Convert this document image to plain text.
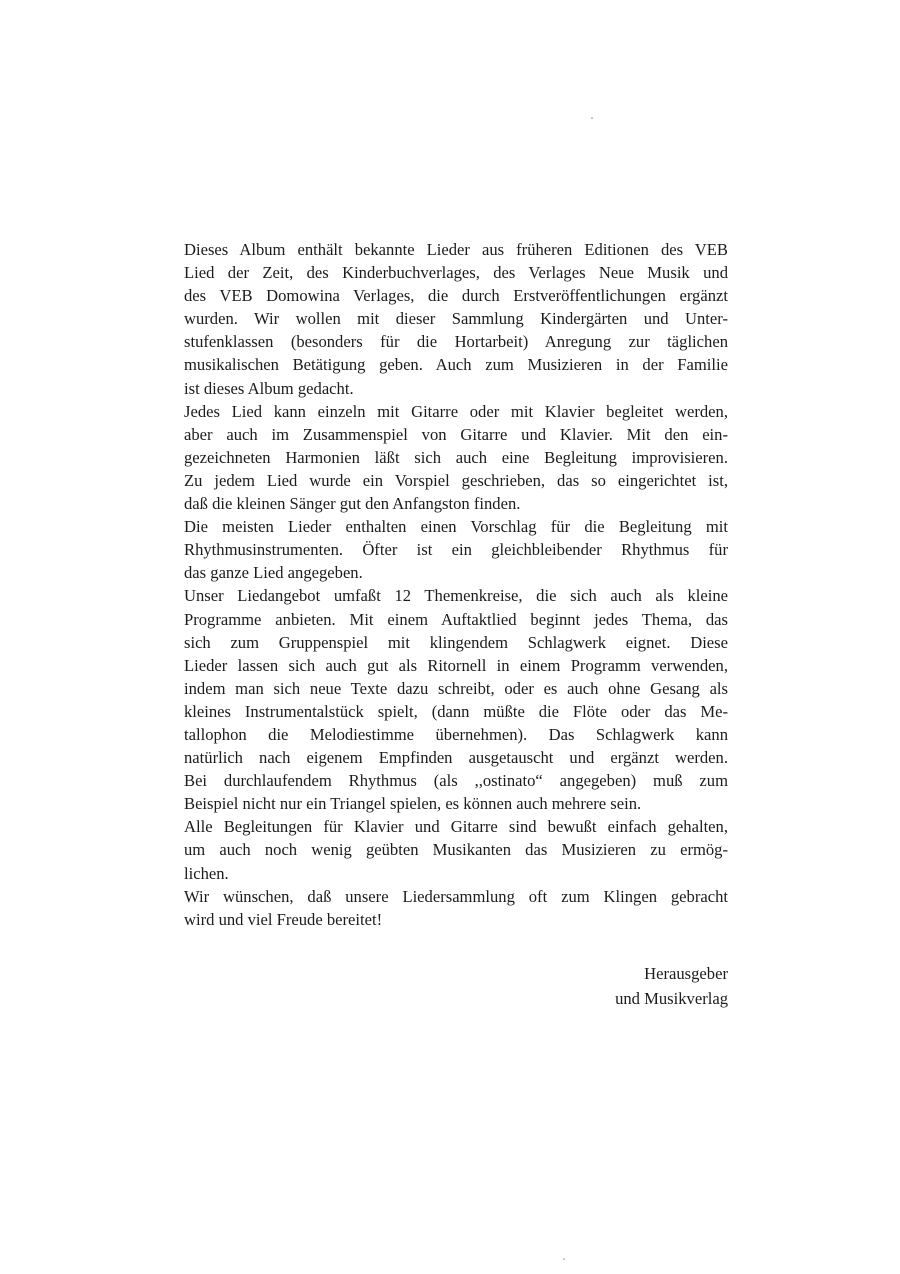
Dieses Album enthält bekannte Lieder aus früheren Editionen des VEB
Lied der Zeit, des Kinderbuchverlages, des Verlages Neue Musik und
des VEB Domowina Verlages, die durch Erstveröffentlichungen ergänzt
wurden. Wir wollen mit dieser Sammlung Kindergärten und Unter-
stufenklassen (besonders für die Hortarbeit) Anregung zur täglichen
musikalischen Betätigung geben. Auch zum Musizieren in der Familie
ist dieses Album gedacht.

Jedes Lied kann einzeln mit Gitarre oder mit Klavier begleitet werden,
aber auch im Zusammenspiel von Gitarre und Klavier. Mit den ein-
gezeichneten Harmonien läßt sich auch eine Begleitung improvisieren.
Zu jedem Lied wurde ein Vorspiel geschrieben, das so eingerichtet ist,
daß die kleinen Sänger gut den Anfangston finden.

Die meisten Lieder enthalten einen Vorschlag für die Begleitung mit
Rhythmusinstrumenten. Öfter ist ein gleichbleibender Rhythmus für
das ganze Lied angegeben.

Unser Liedangebot umfaßt 12 Themenkreise, die sich auch als kleine
Programme anbieten. Mit einem Auftaktlied beginnt jedes Thema, das
sich zum Gruppenspiel mit klingendem Schlagwerk eignet. Diese
Lieder lassen sich auch gut als Ritornell in einem Programm verwenden,
indem man sich neue Texte dazu schreibt, oder es auch ohne Gesang als
kleines Instrumentalstück spielt, (dann müßte die Flöte oder das Me-
tallophon die Melodiestimme übernehmen). Das Schlagwerk kann
natürlich nach eigenem Empfinden ausgetauscht und ergänzt werden.
Bei durchlaufendem Rhythmus (als ,,ostinato“ angegeben) muß zum
Beispiel nicht nur ein Triangel spielen, es können auch mehrere sein.

Alle Begleitungen für Klavier und Gitarre sind bewußt einfach gehalten,
um auch noch wenig geübten Musikanten das Musizieren zu ermög-
lichen.

Wir wünschen, daß unsere Liedersammlung oft zum Klingen gebracht
wird und viel Freude bereitet!

Herausgeber
und Musikverlag
